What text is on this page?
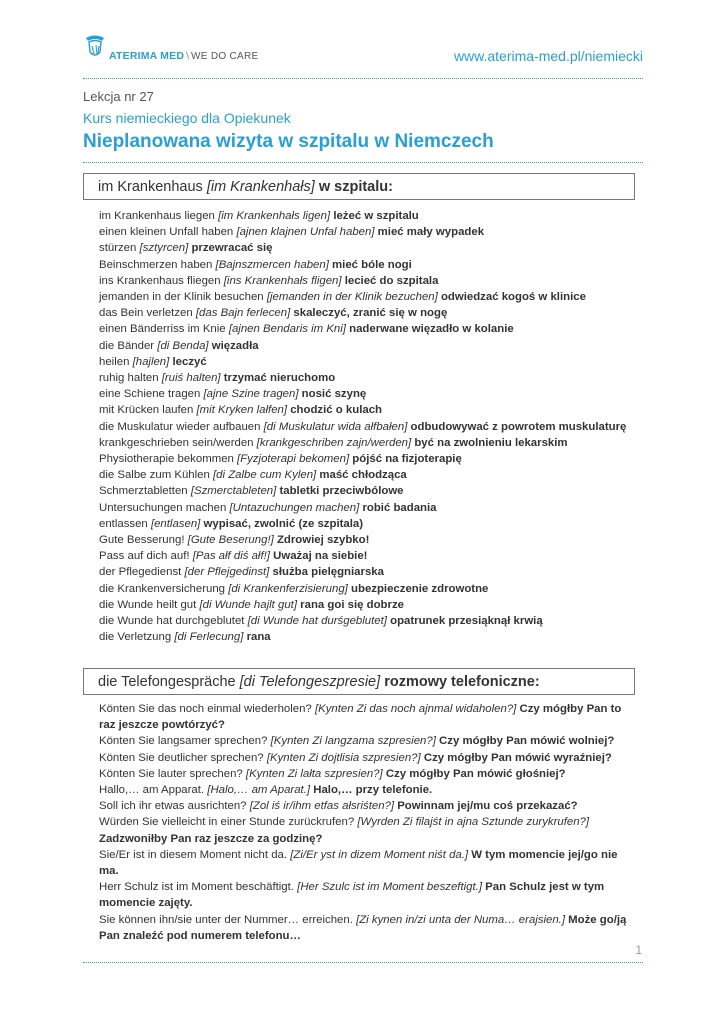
ATERIMA MED \ WE DO CARE	www.aterima-med.pl/niemiecki
Lekcja nr 27
Kurs niemieckiego dla Opiekunek
Nieplanowana wizyta w szpitalu w Niemczech
im Krankenhaus [im Krankenhałs] w szpitalu:
im Krankenhaus liegen [im Krankenhałs ligen] leżeć w szpitalu
einen kleinen Unfall haben [ajnen klajnen Unfal haben] mieć mały wypadek
stürzen [sztyrcen] przewracać się
Beinschmerzen haben [Bajnszmercen haben] mieć bóle nogi
ins Krankenhaus fliegen [ins Krankenhałs fligen] lecieć do szpitala
jemanden in der Klinik besuchen [jemanden in der Klinik bezuchen] odwiedzać kogoś w klinice
das Bein verletzen [das Bajn ferlecen] skaleczyć, zranić się w nogę
einen Bänderriss im Knie [ajnen Bendaris im Kni] naderwane więzadło w kolanie
die Bänder [di Benda] więzadła
heilen [hajlen] leczyć
ruhig halten [ruiś halten] trzymać nieruchomo
eine Schiene tragen [ajne Szine tragen] nosić szynę
mit Krücken laufen [mit Kryken lałfen] chodzić o kulach
die Muskulatur wieder aufbauen [di Muskulatur wida ałfbałen] odbudowywać z powrotem muskulaturę
krankgeschrieben sein/werden [krankgeschriben zajn/werden] być na zwolnieniu lekarskim
Physiotherapie bekommen [Fyzjoterapi bekomen] pójść na fizjoterapię
die Salbe zum Kühlen [di Zalbe cum Kylen] maść chłodząca
Schmerztabletten [Szmerctableten] tabletki przeciwbólowe
Untersuchungen machen [Untazuchungen machen] robić badania
entlassen [entlasen] wypisać, zwolnić (ze szpitala)
Gute Besserung! [Gute Beserung!] Zdrowiej szybko!
Pass auf dich auf! [Pas ałf diś ałf!] Uważaj na siebie!
der Pflegedienst [der Pflejgedinst] służba pielęgniarska
die Krankenversicherung [di Krankenferzisierung] ubezpieczenie zdrowotne
die Wunde heilt gut [di Wunde hajlt gut] rana goi się dobrze
die Wunde hat durchgeblutet [di Wunde hat durśgeblutet] opatrunek przesiąknął krwią
die Verletzung [di Ferlecung] rana
die Telefongespräche [di Telefongeszpresie] rozmowy telefoniczne:
Könten Sie das noch einmal wiederholen? [Kynten Zi das noch ajnmal widaholen?] Czy mógłby Pan to raz jeszcze powtórzyć?
Könten Sie langsamer sprechen? [Kynten Zi langzama szpresien?] Czy mógłby Pan mówić wolniej?
Könten Sie deutlicher sprechen? [Kynten Zi dojtlisia szpresien?] Czy mógłby Pan mówić wyraźniej?
Könten Sie lauter sprechen? [Kynten Zi lałta szpresien?] Czy mógłby Pan mówić głośniej?
Hallo,… am Apparat. [Halo,… am Aparat.] Halo,… przy telefonie.
Soll ich ihr etwas ausrichten? [Zol iś ir/ihm etfas ałsriśten?] Powinnam jej/mu coś przekazać?
Würden Sie vielleicht in einer Stunde zurückrufen? [Wyrden Zi filajśt in ajna Sztunde zurykrufen?] Zadzwoniłby Pan raz jeszcze za godzinę?
Sie/Er ist in diesem Moment nicht da. [Zi/Er yst in dizem Moment niśt da.] W tym momencie jej/go nie ma.
Herr Schulz ist im Moment beschäftigt. [Her Szulc ist im Moment beszeftigt.] Pan Schulz jest w tym momencie zajęty.
Sie können ihn/sie unter der Nummer… erreichen. [Zi kynen in/zi unta der Numa… erajsien.] Może go/ją Pan znaleźć pod numerem telefonu…
1
